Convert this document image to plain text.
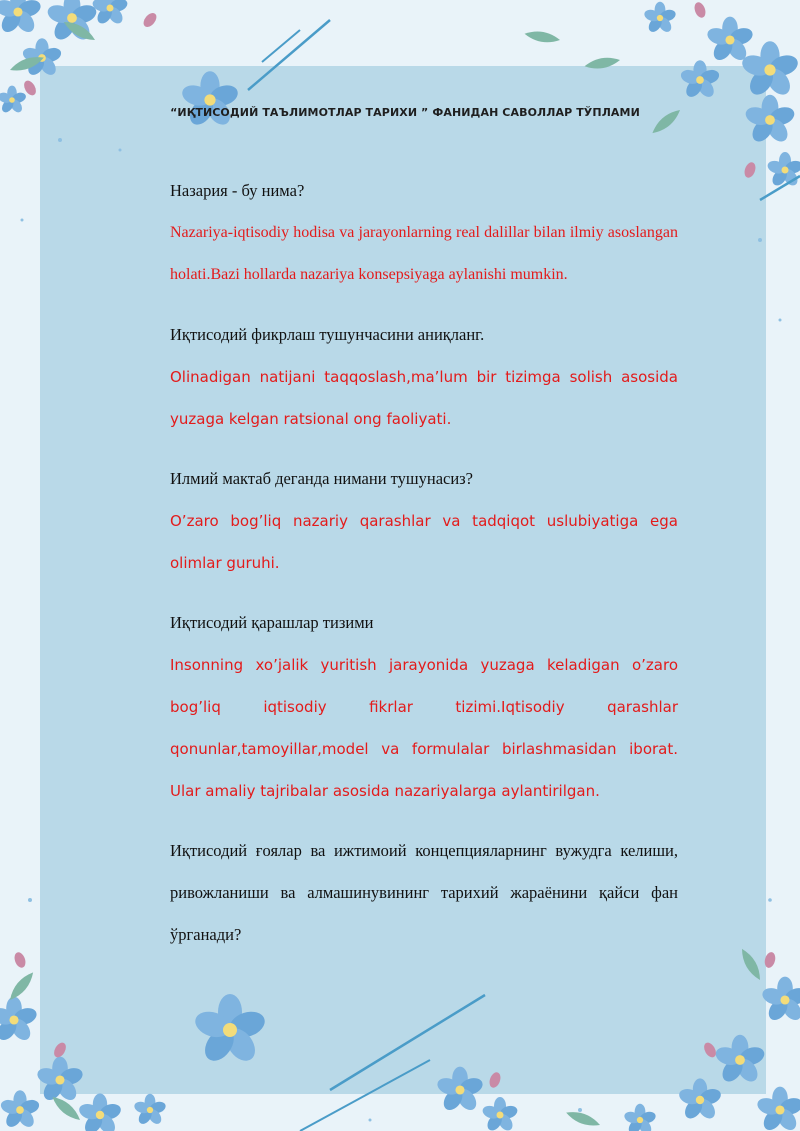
“ИҚТИСОДИЙ ТАЪЛИМОТЛАР ТАРИХИ ” ФАНИДАН САВОЛЛАР ТЎПЛАМИ
Назария - бу нима?
Nazariya-iqtisodiy hodisa va jarayonlarning real dalillar bilan ilmiy asoslangan holati.Bazi hollarda nazariya konsepsiyaga aylanishi mumkin.
Иқтисодий фикрлаш тушунчасини аниқланг.
Olinadigan natijani taqqoslash,ma’lum bir tizimga solish asosida yuzaga kelgan ratsional ong faoliyati.
Илмий мактаб деганда нимани тушунасиз?
O’zaro bog’liq nazariy qarashlar va tadqiqot uslubiyatiga ega olimlar guruhi.
Иқтисодий қарашлар тизими
Insonning xo’jalik yuritish jarayonida yuzaga keladigan o’zaro bog’liq iqtisodiy fikrlar tizimi.Iqtisodiy qarashlar qonunlar,tamoyillar,model va formulalar birlashmasidan iborat. Ular amaliy tajribalar asosida nazariyalarga aylantirilgan.
Иқтисодий ғоялар ва ижтимоий концепцияларнинг вужудга келиши, ривожланиши ва алмашинувининг тарихий жараёнини қайси фан ўрганади?
